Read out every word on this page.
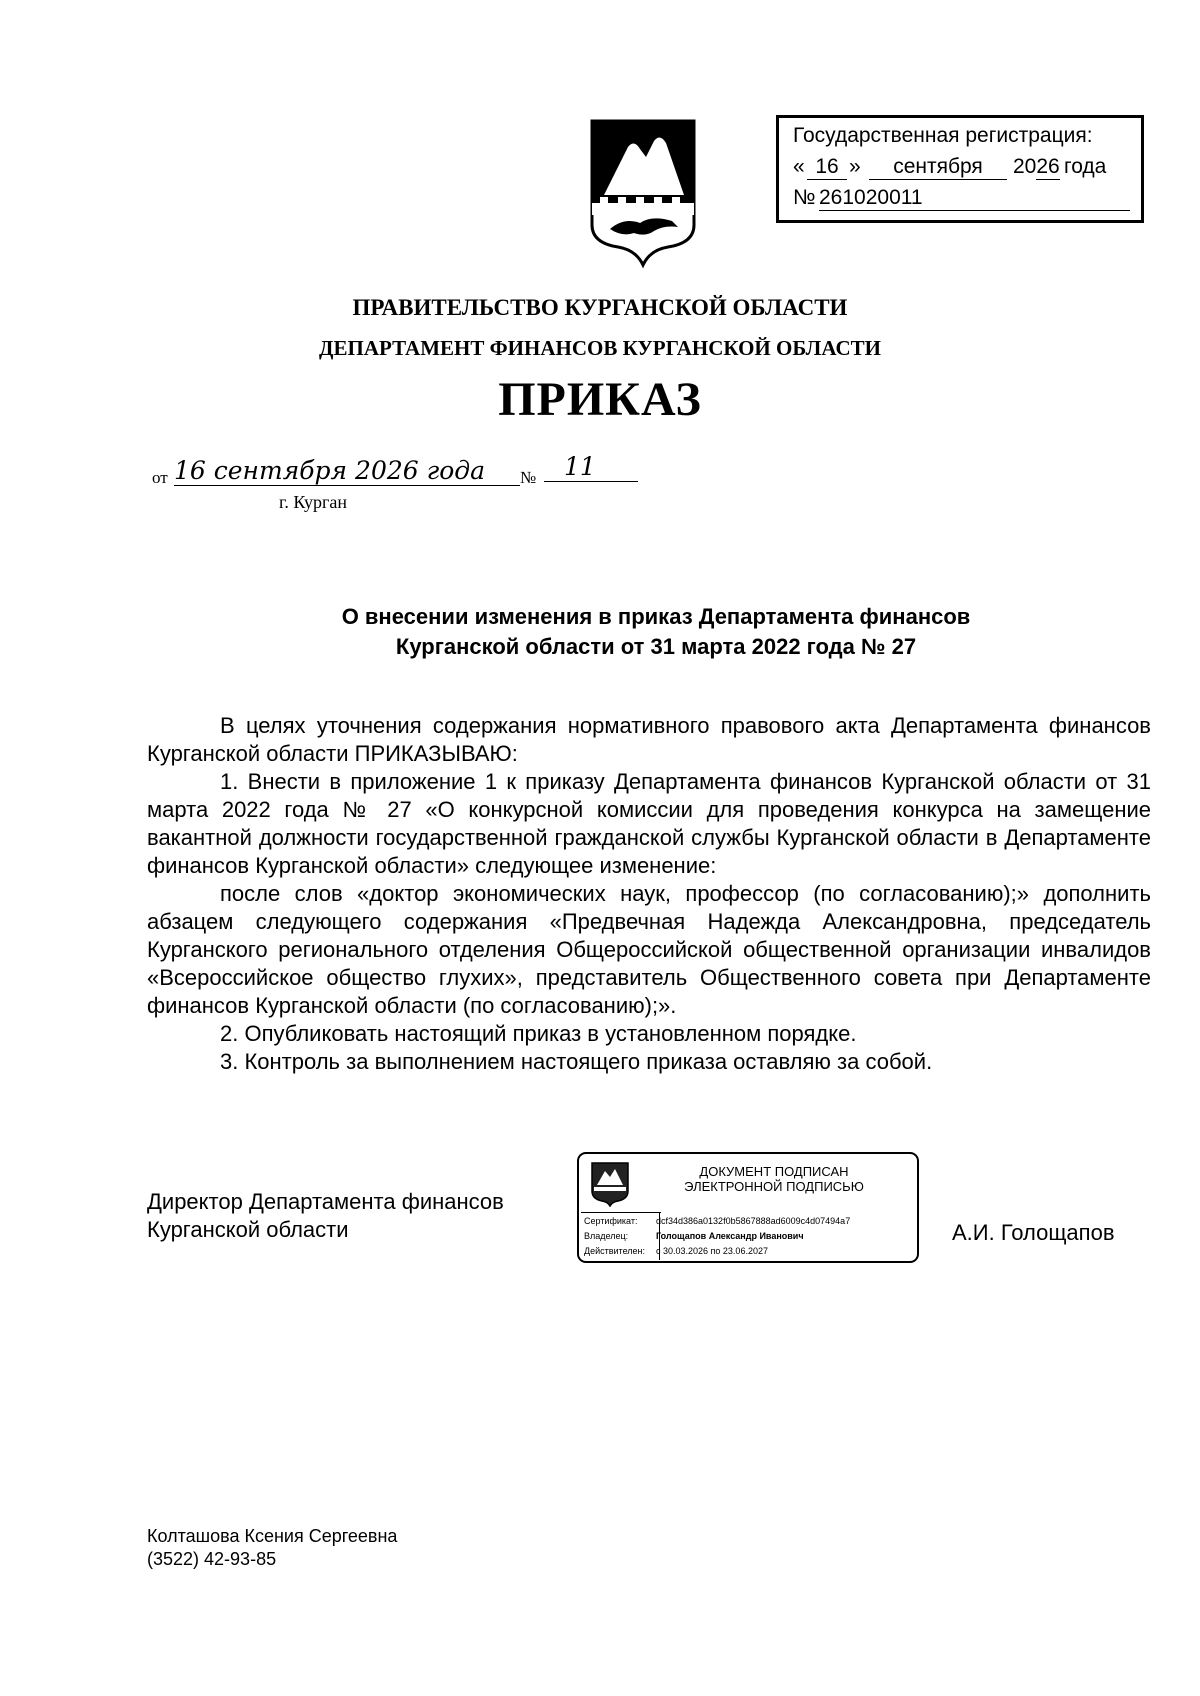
Государственная регистрация:
« 16 »	сентября	20 26 года
№ 261020011
ПРАВИТЕЛЬСТВО КУРГАНСКОЙ ОБЛАСТИ
ДЕПАРТАМЕНТ ФИНАНСОВ КУРГАНСКОЙ ОБЛАСТИ
ПРИКАЗ
от 16 сентября 2026 года	№	11
г. Курган
О внесении изменения в приказ Департамента финансов
Курганской области от 31 марта 2022 года № 27

В целях уточнения содержания нормативного правового акта Департамента финансов Курганской области ПРИКАЗЫВАЮ:

1. Внести в приложение 1 к приказу Департамента финансов Курганской области от 31 марта 2022 года № 27 «О конкурсной комиссии для проведения конкурса на замещение вакантной должности государственной гражданской службы Курганской области в Департаменте финансов Курганской области» следующее изменение:

после слов «доктор экономических наук, профессор (по согласованию);» дополнить абзацем следующего содержания «Предвечная Надежда Александровна, председатель Курганского регионального отделения Общероссийской общественной организации инвалидов «Всероссийское общество глухих», представитель Общественного совета при Департаменте финансов Курганской области (по согласованию);».

2. Опубликовать настоящий приказ в установленном порядке.

3. Контроль за выполнением настоящего приказа оставляю за собой.

Директор Департамента финансов
Курганской области
ДОКУМЕНТ ПОДПИСАН
ЭЛЕКТРОННОЙ ПОДПИСЬЮ
Сертификат: dcf34d386a0132f0b5867888ad6009c4d07494a7
Владелец:	Голощапов Александр Иванович
Действителен: с 30.03.2026 по 23.06.2027
А.И. Голощапов
Колташова Ксения Сергеевна
(3522) 42-93-85
